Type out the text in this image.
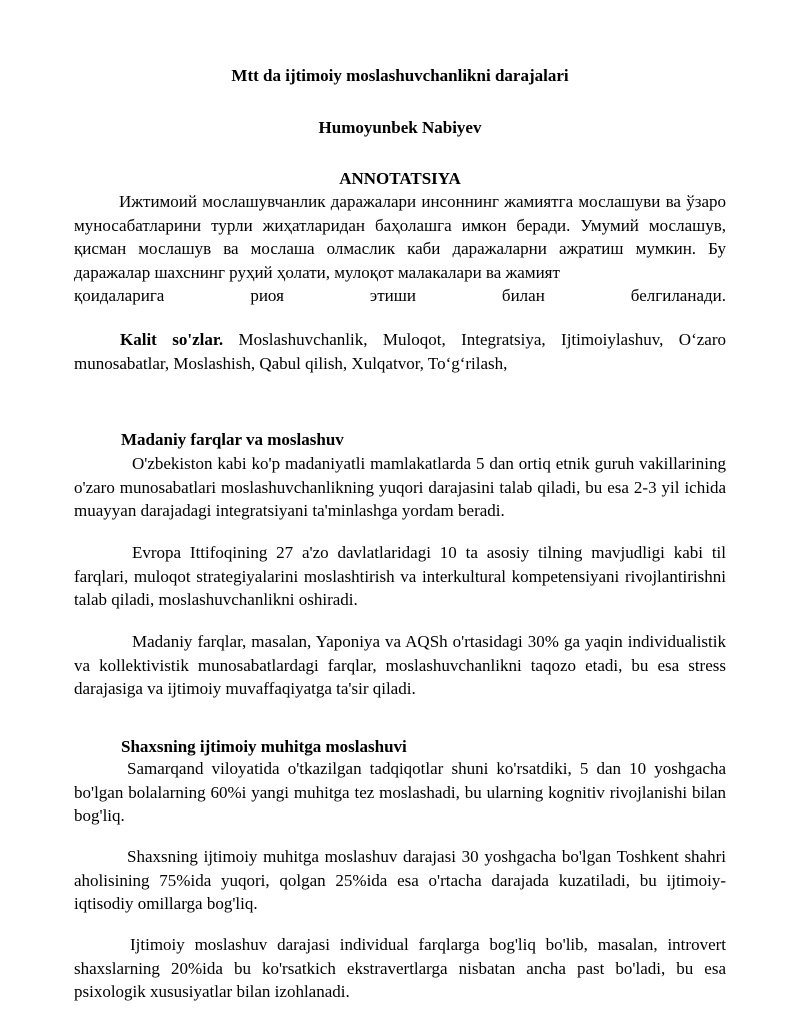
Mtt da ijtimoiy moslashuvchanlikni darajalari
Humoyunbek Nabiyev
ANNOTATSIYA
Ижтимоий мослашувчанлик даражалари инсоннинг жамиятга мослашуви ва ўзаро муносабатларини турли жиҳатларидан баҳолашга имкон беради. Умумий мослашув, қисман мослашув ва мослаша олмаслик каби даражаларни ажратиш мумкин. Бу даражалар шахснинг руҳий ҳолати, мулоқот малакалари ва жамият
қоидаларига риоя этиши билан белгиланади.
Kalit so'zlar. Moslashuvchanlik, Muloqot, Integratsiya, Ijtimoiylashuv, O‘zaro munosabatlar, Moslashish, Qabul qilish, Xulqatvor, To‘g‘rilash,
Madaniy farqlar va moslashuv
O'zbekiston kabi ko'p madaniyatli mamlakatlarda 5 dan ortiq etnik guruh vakillarining o'zaro munosabatlari moslashuvchanlikning yuqori darajasini talab qiladi, bu esa 2-3 yil ichida muayyan darajadagi integratsiyani ta'minlashga yordam beradi.
Evropa Ittifoqining 27 a'zo davlatlaridagi 10 ta asosiy tilning mavjudligi kabi til farqlari, muloqot strategiyalarini moslashtirish va interkultural kompetensiyani rivojlantirishni talab qiladi, moslashuvchanlikni oshiradi.
Madaniy farqlar, masalan, Yaponiya va AQSh o'rtasidagi 30% ga yaqin individualistik va kollektivistik munosabatlardagi farqlar, moslashuvchanlikni taqozo etadi, bu esa stress darajasiga va ijtimoiy muvaffaqiyatga ta'sir qiladi.
Shaxsning ijtimoiy muhitga moslashuvi
Samarqand viloyatida o'tkazilgan tadqiqotlar shuni ko'rsatdiki, 5 dan 10 yoshgacha bo'lgan bolalarning 60%i yangi muhitga tez moslashadi, bu ularning kognitiv rivojlanishi bilan bog'liq.
Shaxsning ijtimoiy muhitga moslashuv darajasi 30 yoshgacha bo'lgan Toshkent shahri aholisining 75%ida yuqori, qolgan 25%ida esa o'rtacha darajada kuzatiladi, bu ijtimoiy-iqtisodiy omillarga bog'liq.
Ijtimoiy moslashuv darajasi individual farqlarga bog'liq bo'lib, masalan, introvert shaxslarning 20%ida bu ko'rsatkich ekstravertlarga nisbatan ancha past bo'ladi, bu esa psixologik xususiyatlar bilan izohlanadi.
